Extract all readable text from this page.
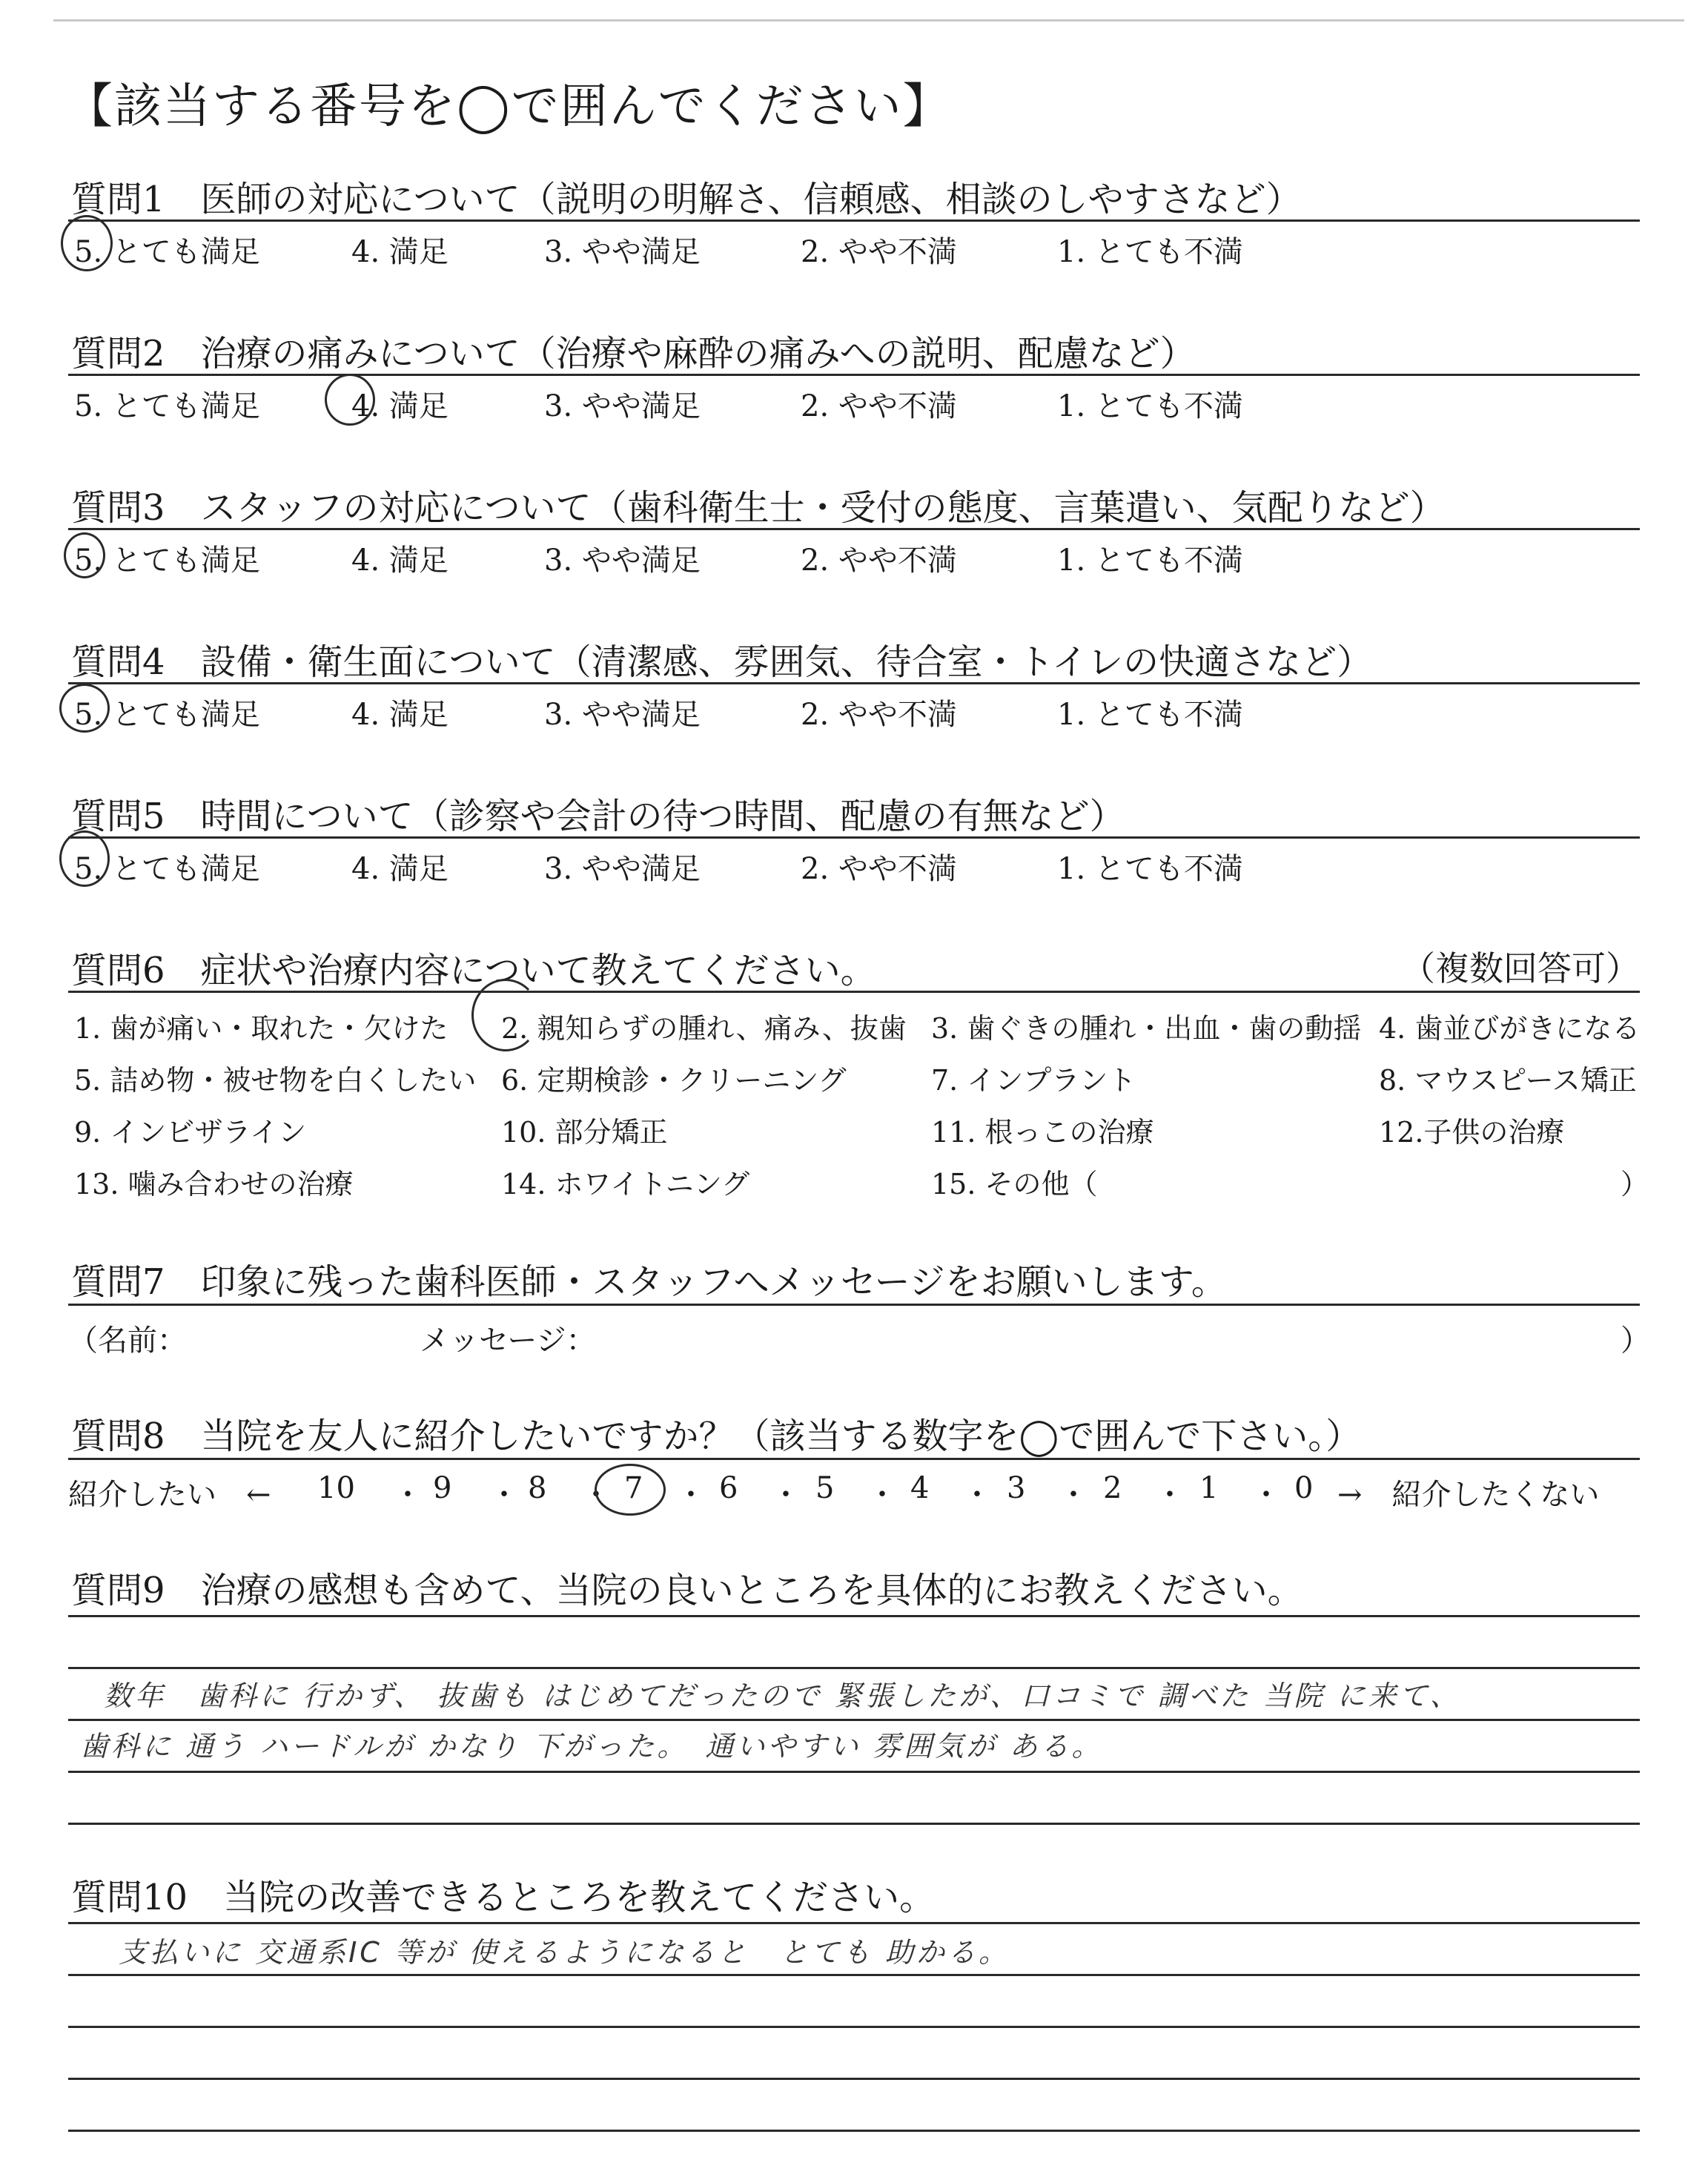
【該当する番号を◯で囲んでください】
質問1　医師の対応について（説明の明解さ、信頼感、相談のしやすさなど）
5. とても満足	4. 満足	3. やや満足	2. やや不満	1. とても不満
質問2　治療の痛みについて（治療や麻酔の痛みへの説明、配慮など）
5. とても満足	4. 満足	3. やや満足	2. やや不満	1. とても不満
質問3　スタッフの対応について（歯科衛生士・受付の態度、言葉遣い、気配りなど）
5. とても満足	4. 満足	3. やや満足	2. やや不満	1. とても不満
質問4　設備・衛生面について（清潔感、雰囲気、待合室・トイレの快適さなど）
5. とても満足	4. 満足	3. やや満足	2. やや不満	1. とても不満
質問5　時間について（診察や会計の待つ時間、配慮の有無など）
5. とても満足	4. 満足	3. やや満足	2. やや不満	1. とても不満
質問6　症状や治療内容について教えてください。	（複数回答可）
1. 歯が痛い・取れた・欠けた 2. 親知らずの腫れ、痛み、抜歯 3. 歯ぐきの腫れ・出血・歯の動揺 4. 歯並びがきになる
5. 詰め物・被せ物を白くしたい 6. 定期検診・クリーニング	7. インプラント	8. マウスピース矯正
9. インビザライン	10. 部分矯正	11. 根っこの治療	12.子供の治療
13. 噛み合わせの治療	14. ホワイトニング	15. その他（	）
質問7　印象に残った歯科医師・スタッフへメッセージをお願いします。
（名前：	メッセージ：	）
質問8　当院を友人に紹介したいですか？（該当する数字を◯で囲んで下さい。）
紹介したい　← 10 ・ 9 ・ 8 ・ 7 ・ 6 ・ 5 ・ 4 ・ 3 ・ 2 ・ 1 ・ 0 →　紹介したくない
質問9　治療の感想も含めて、当院の良いところを具体的にお教えください。
数年　歯科に 行かず、 抜歯も はじめてだったので 緊張したが、口コミで 調べた 当院 に来て、
歯科に 通う ハードルが かなり 下がった。　通いやすい 雰囲気が ある。
質問10　当院の改善できるところを教えてください。
支払いに 交通系IC 等が 使えるようになると　とても 助かる。
